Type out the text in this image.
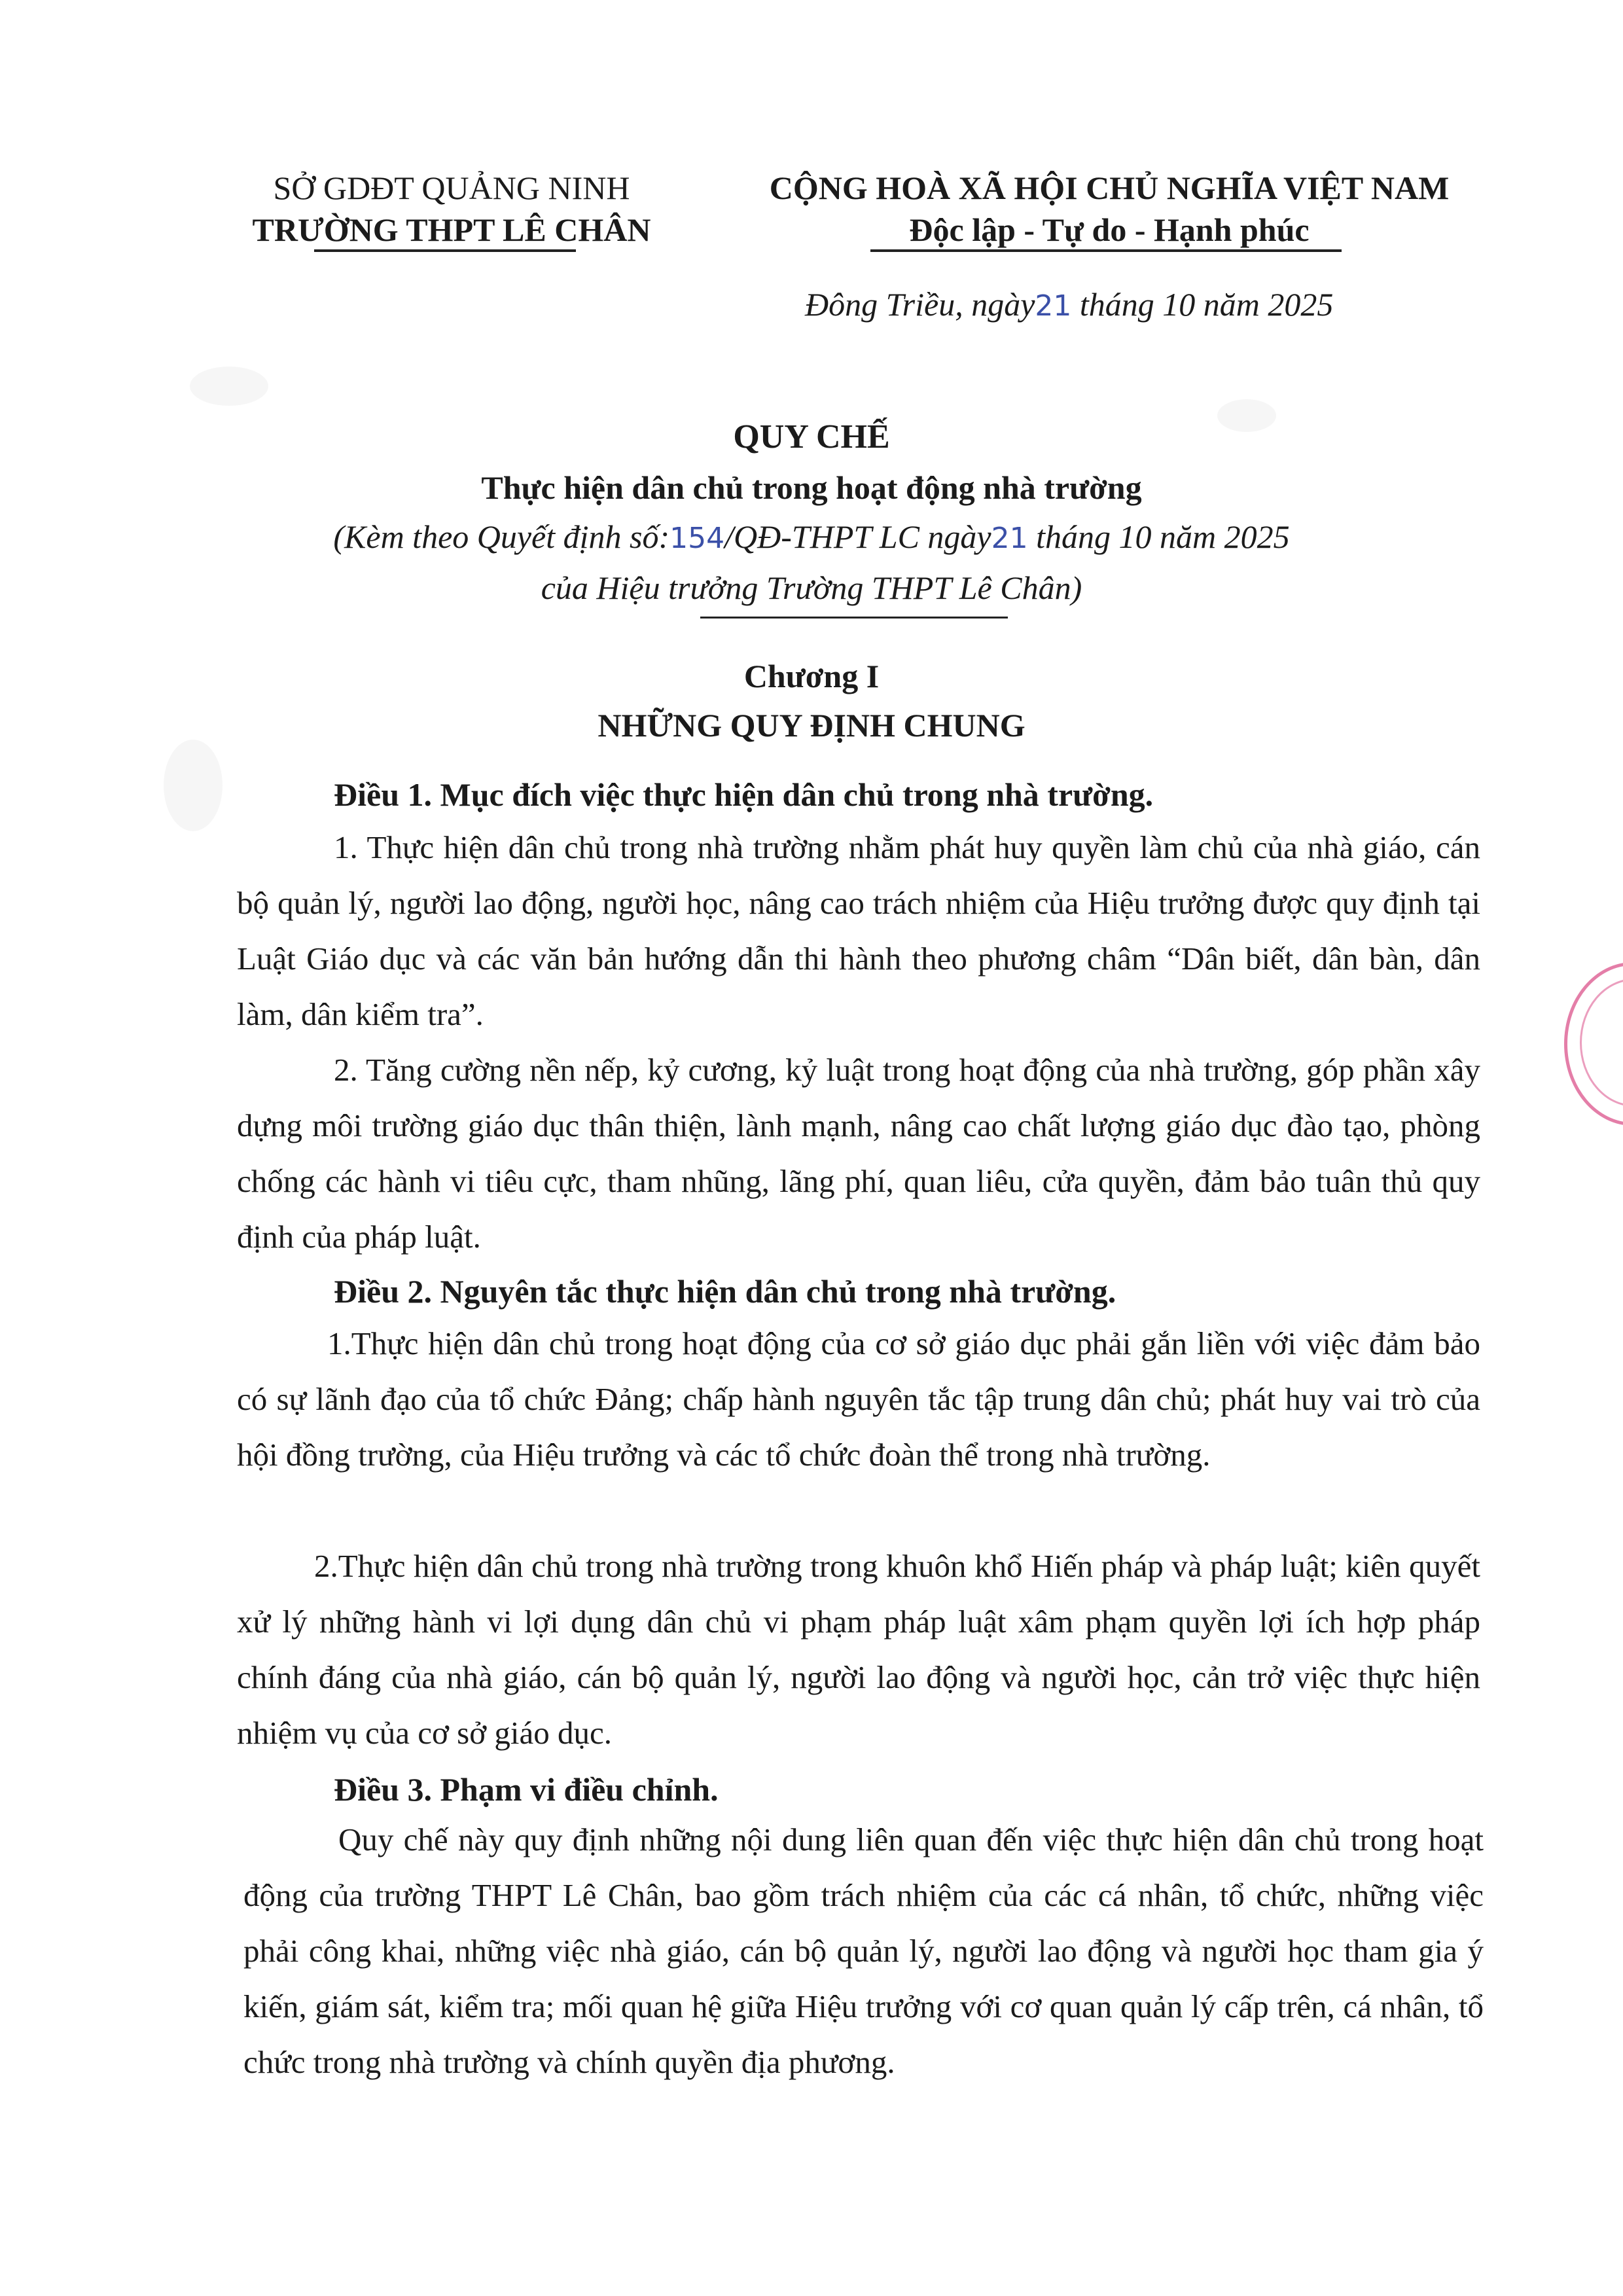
SỞ GDĐT QUẢNG NINH
TRƯỜNG THPT LÊ CHÂN
CỘNG HOÀ XÃ HỘI CHỦ NGHĨA VIỆT NAM
Độc lập - Tự do - Hạnh phúc
Đông Triều, ngày21 tháng 10 năm 2025
QUY CHẾ
Thực hiện dân chủ trong hoạt động nhà trường
(Kèm theo Quyết định số:154/QĐ-THPT LC ngày21 tháng 10 năm 2025
của Hiệu trưởng Trường THPT Lê Chân)
Chương I
NHỮNG QUY ĐỊNH CHUNG
Điều 1. Mục đích việc thực hiện dân chủ trong nhà trường.
1. Thực hiện dân chủ trong nhà trường nhằm phát huy quyền làm chủ của nhà giáo, cán bộ quản lý, người lao động, người học, nâng cao trách nhiệm của Hiệu trưởng được quy định tại Luật Giáo dục và các văn bản hướng dẫn thi hành theo phương châm “Dân biết, dân bàn, dân làm, dân kiểm tra”.
2. Tăng cường nền nếp, kỷ cương, kỷ luật trong hoạt động của nhà trường, góp phần xây dựng môi trường giáo dục thân thiện, lành mạnh, nâng cao chất lượng giáo dục đào tạo, phòng chống các hành vi tiêu cực, tham nhũng, lãng phí, quan liêu, cửa quyền, đảm bảo tuân thủ quy định của pháp luật.
Điều 2. Nguyên tắc thực hiện dân chủ trong nhà trường.
1.Thực hiện dân chủ trong hoạt động của cơ sở giáo dục phải gắn liền với việc đảm bảo có sự lãnh đạo của tổ chức Đảng; chấp hành nguyên tắc tập trung dân chủ; phát huy vai trò của hội đồng trường, của Hiệu trưởng và các tổ chức đoàn thể trong nhà trường.
2.Thực hiện dân chủ trong nhà trường trong khuôn khổ Hiến pháp và pháp luật; kiên quyết xử lý những hành vi lợi dụng dân chủ vi phạm pháp luật xâm phạm quyền lợi ích hợp pháp chính đáng của nhà giáo, cán bộ quản lý, người lao động và người học, cản trở việc thực hiện nhiệm vụ của cơ sở giáo dục.
Điều 3. Phạm vi điều chỉnh.
Quy chế này quy định những nội dung liên quan đến việc thực hiện dân chủ trong hoạt động của trường THPT Lê Chân, bao gồm trách nhiệm của các cá nhân, tổ chức, những việc phải công khai, những việc nhà giáo, cán bộ quản lý, người lao động và người học tham gia ý kiến, giám sát, kiểm tra; mối quan hệ giữa Hiệu trưởng với cơ quan quản lý cấp trên, cá nhân, tổ chức trong nhà trường và chính quyền địa phương.
